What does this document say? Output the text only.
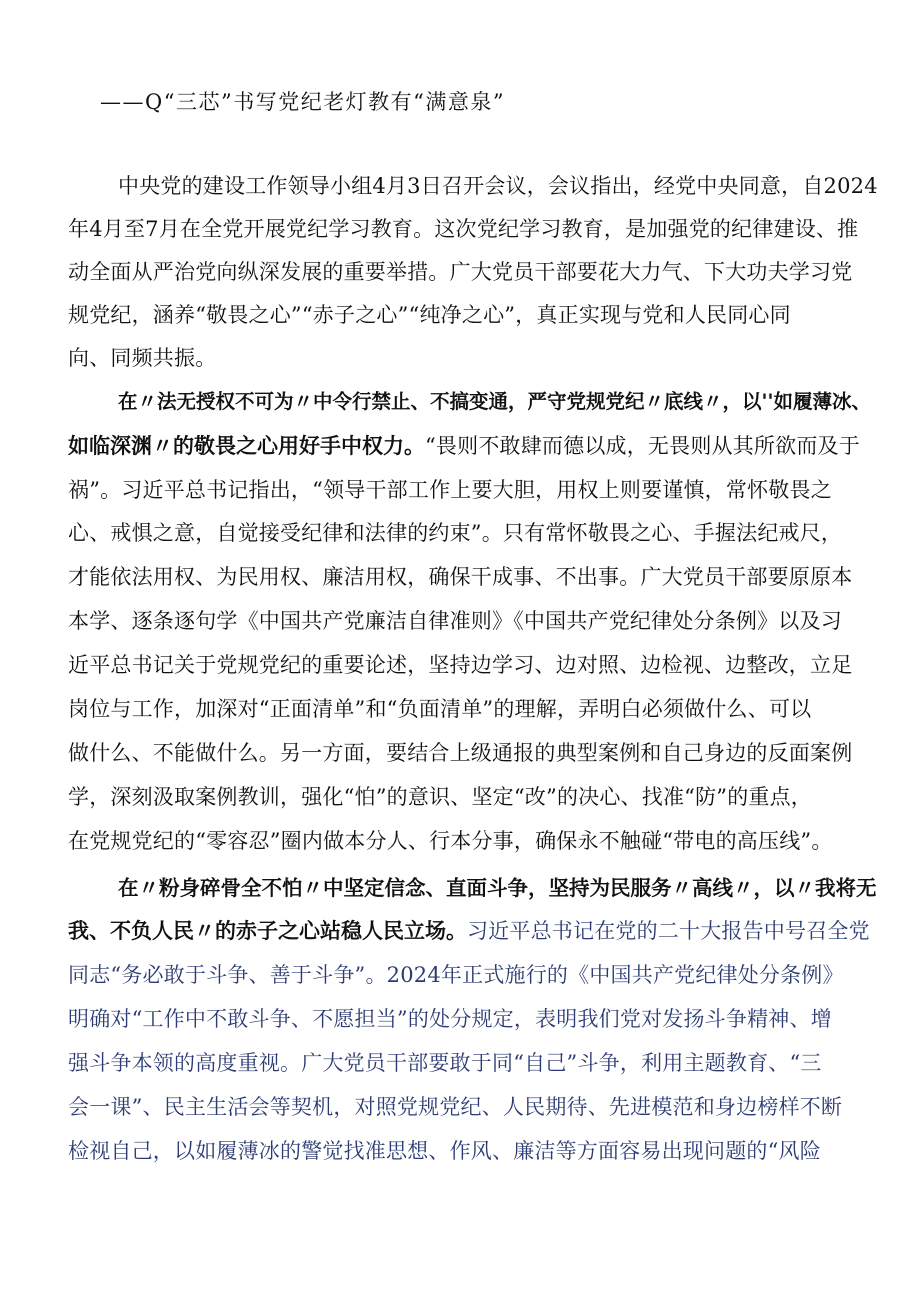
——Q“三芯”书写党纪老灯教有“满意泉”
中央党的建设工作领导小组4月3日召开会议，会议指出，经党中央同意，自2024
年4月至7月在全党开展党纪学习教育。这次党纪学习教育，是加强党的纪律建设、推
动全面从严治党向纵深发展的重要举措。广大党员干部要花大力气、下大功夫学习党
规党纪，涵养“敬畏之心”“赤子之心”“纯净之心”，真正实现与党和人民同心同
向、同频共振。
在〃法无授权不可为〃中令行禁止、不搞变通，严守党规党纪〃底线〃，以''如履薄冰、
如临深渊〃的敬畏之心用好手中权力。“畏则不敢肆而德以成，无畏则从其所欲而及于
祸”。习近平总书记指出，“领导干部工作上要大胆，用权上则要谨慎，常怀敬畏之
心、戒惧之意，自觉接受纪律和法律的约束”。只有常怀敬畏之心、手握法纪戒尺，
才能依法用权、为民用权、廉洁用权，确保干成事、不出事。广大党员干部要原原本
本学、逐条逐句学《中国共产党廉洁自律准则》《中国共产党纪律处分条例》以及习
近平总书记关于党规党纪的重要论述，坚持边学习、边对照、边检视、边整改，立足
岗位与工作，加深对“正面清单”和“负面清单”的理解，弄明白必须做什么、可以
做什么、不能做什么。另一方面，要结合上级通报的典型案例和自己身边的反面案例
学，深刻汲取案例教训，强化“怕”的意识、坚定“改”的决心、找准“防”的重点，
在党规党纪的“零容忍”圈内做本分人、行本分事，确保永不触碰“带电的高压线”。
在〃粉身碎骨全不怕〃中坚定信念、直面斗争，坚持为民服务〃高线〃，以〃我将无
我、不负人民〃的赤子之心站稳人民立场。习近平总书记在党的二十大报告中号召全党
同志“务必敢于斗争、善于斗争”。2024年正式施行的《中国共产党纪律处分条例》
明确对“工作中不敢斗争、不愿担当”的处分规定，表明我们党对发扬斗争精神、增
强斗争本领的高度重视。广大党员干部要敢于同“自己”斗争，利用主题教育、“三
会一课”、民主生活会等契机，对照党规党纪、人民期待、先进模范和身边榜样不断
检视自己，以如履薄冰的警觉找准思想、作风、廉洁等方面容易出现问题的“风险
